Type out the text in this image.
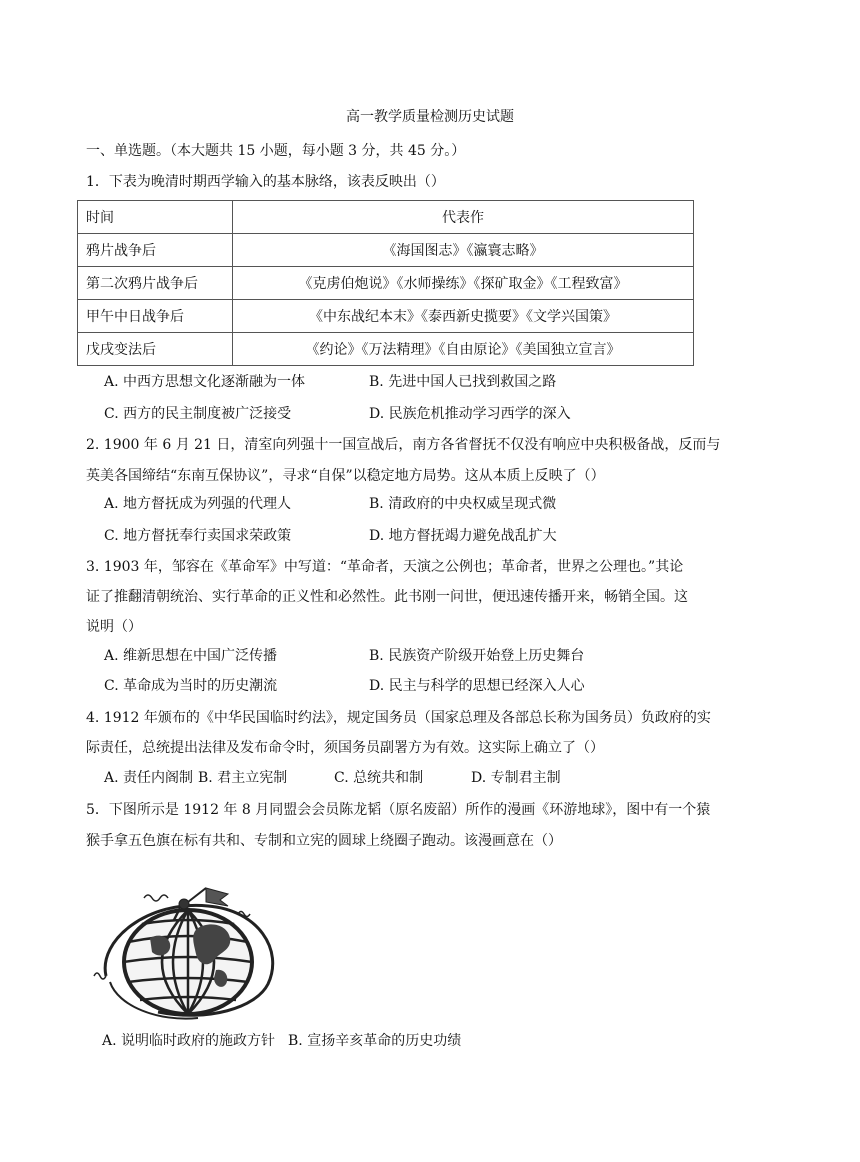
高一教学质量检测历史试题
一、单选题。（本大题共 15 小题，每小题 3 分，共 45 分。）
1．下表为晚清时期西学输入的基本脉络，该表反映出（）
时间	代表作
鸦片战争后	《海国图志》《瀛寰志略》
第二次鸦片战争后	《克虏伯炮说》《水师操练》《探矿取金》《工程致富》
甲午中日战争后	《中东战纪本末》《泰西新史揽要》《文学兴国策》
戊戌变法后	《约论》《万法精理》《自由原论》《美国独立宣言》
A. 中西方思想文化逐渐融为一体	B. 先进中国人已找到救国之路
C. 西方的民主制度被广泛接受	D. 民族危机推动学习西学的深入
2. 1900 年 6 月 21 日，清室向列强十一国宣战后，南方各省督抚不仅没有响应中央积极备战，反而与
英美各国缔结“东南互保协议”，寻求“自保”以稳定地方局势。这从本质上反映了（）
A. 地方督抚成为列强的代理人	B. 清政府的中央权威呈现式微
C. 地方督抚奉行卖国求荣政策	D. 地方督抚竭力避免战乱扩大
3. 1903 年，邹容在《革命军》中写道：“革命者，天演之公例也；革命者，世界之公理也。”其论
证了推翻清朝统治、实行革命的正义性和必然性。此书刚一问世，便迅速传播开来，畅销全国。这
说明（）
A. 维新思想在中国广泛传播	B. 民族资产阶级开始登上历史舞台
C. 革命成为当时的历史潮流	D. 民主与科学的思想已经深入人心
4. 1912 年颁布的《中华民国临时约法》，规定国务员（国家总理及各部总长称为国务员）负政府的实
际责任，总统提出法律及发布命令时，须国务员副署方为有效。这实际上确立了（）
A. 责任内阁制 B. 君主立宪制	C. 总统共和制	D. 专制君主制
5．下图所示是 1912 年 8 月同盟会会员陈龙韬（原名废韶）所作的漫画《环游地球》，图中有一个猿
猴手拿五色旗在标有共和、专制和立宪的圆球上绕圈子跑动。该漫画意在（）
A. 说明临时政府的施政方针 B. 宣扬辛亥革命的历史功绩
